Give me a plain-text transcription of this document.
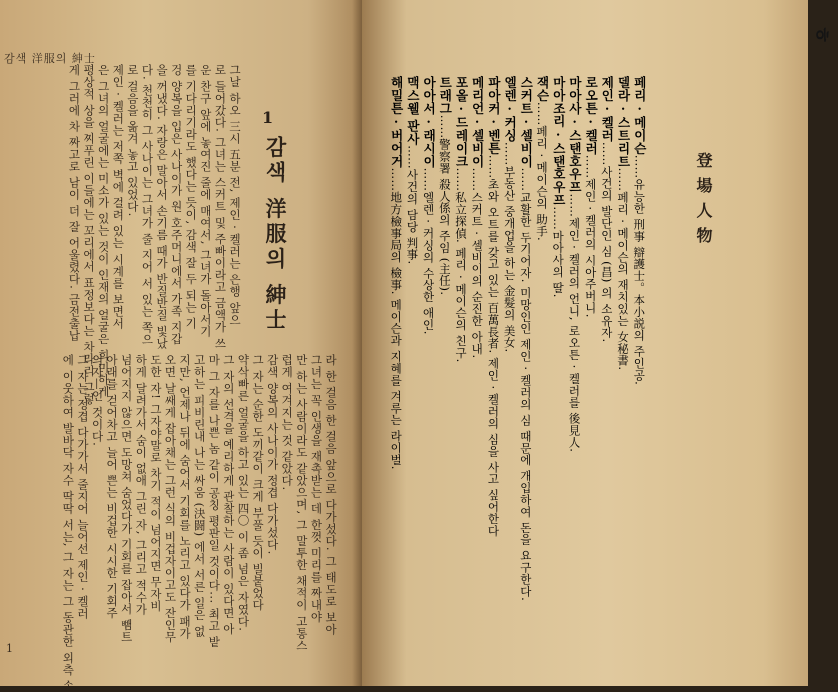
감색 洋服의 紳士
1
감색 洋服의 紳士
그날 하오 三시 五분 전, 제인 · 켈러는 은행 앞으
로 들어갔다. 그녀는 스커트 및 주빠이라고 금액가 쓰
운 찬구 앞에 놓여진 줄에 매여서, 그녀가 돌아서기
를 기다리기라도 했다는 듯이, 감색 잘 두 되는 기
겅 양복을 입은 사나이가 원 호주머니에서 가족 지갑
을 꺼냈다. 자랑은 말아서 손기름 때가 반질반질 빛났
다. 천천히 그 사나이는 그녀가 줄 지어 서 있는 쪽으
로 걸음을 옮겨 놓고 있었다.
제인 · 켈러는 저쪽 벽에 걸려 있는 시계를 보면서
은 그녀의 얼굴에는 미소가 있는 것이 인재의 얼굴은 희미하게
평상적 상을 찌푸린 이들에는 꼬리에서 표정보다는 차라리 그렇
게 그러에 차 짜고로 남이 더 잘 어울렸다. 금전출납
라 한 걸음 한 걸음 앞으로 다가섰다. 그 태도로 보아
그녀는 꼭 인생을 재촉받는 데 한껏 미리를 짜내야
만 하는 사람이라도 같았으며, 그 말투한 채적이 고통스
럽게 여겨지는 것 같았다.
감색 양복의 사나이가 정겹 다가섰다.
그 자는 순한 도끼같이 크게 부풀 듯이 빌붙었다
약삭빠른 얼굴을 하고 있는 四〇 이 좀 넘은 자였다.
그 자의 선격을 예리하게 관찰하는 사람이 있다면 아
마 그 자를 나쁜 놈 같이 공칭 평판일 것이다... 최고 밭
고하는 피비린내 나는 싸움 (決闘) 에서 서른 일은 없
지만, 언제나 뒤에 숨어서 기회를 노리고 있다가 패가
오면 날쌔게 잡아채는 그런 식의 비겁자이고도 잔인무
도한 자! 그자야말로 차기 적이 넘어지면 무자비
하게 달려가서 숨이 없애 그린 자, 그리고 적수가
넘어지지 않으면 도망쳐 숨었다가 기회를 잡아서 뺌트
아래를 걷어차고 늘어 쁜는 비겁한 시시한 기회주
의자—인 것이다.
그 자는 정겹 다가가서 줄지어 늘어선 제인 · 켈러
에 이웃하여 발바닥 자수 딱딱 서는, 그 자는 그 동관한 외측 손
1
ㅎ
登場人物
페리 · 메이슨……유능한 刑事 辯護士。本小説의 주인공.
델라 · 스트리트……페리 · 메이슨의 재치있는 女秘書.
제인 · 켈러……사건의 발단인 심 (昌) 의 소유자.
로오튼 · 켈러……제인 · 켈러의 시아주버니.
마아사 · 스탠호우프……제인 · 켈러의 언니, 로오튼 · 켈러를 後見人.
마아조리 · 스탠호우프……마아사의 딸.
잭슨……페리 · 메이슨의 助手.
스커트 · 셀비이……교활한 두기어자. 미망인인 제인 · 켈러의 심 때문에 개입하여 돈을 요구한다.
엘렌 · 커싱……부동산 중개업을 하는 金髮의 美女.
파아커 · 벤튼……초와 오트를 갖고 있는 百萬長者. 제인 · 켈러의 심을 사고 싶어한다
메리언 · 셀비이……스커트 · 셀비이의 순진한 아내.
포올 · 드레이크……私立探偵. 페리 · 메이슨의 친구.
트래그……警察署 殺人係의 주임 (主任).
아아서 · 래시이……엘렌 · 커싱의 수상한 애인.
맥스웰 판사……사건의 담당 判事.
해밀튼 · 버어거……地方檢事局의 檢事. 메이슨과 지혜를 겨루는 라이벌.
